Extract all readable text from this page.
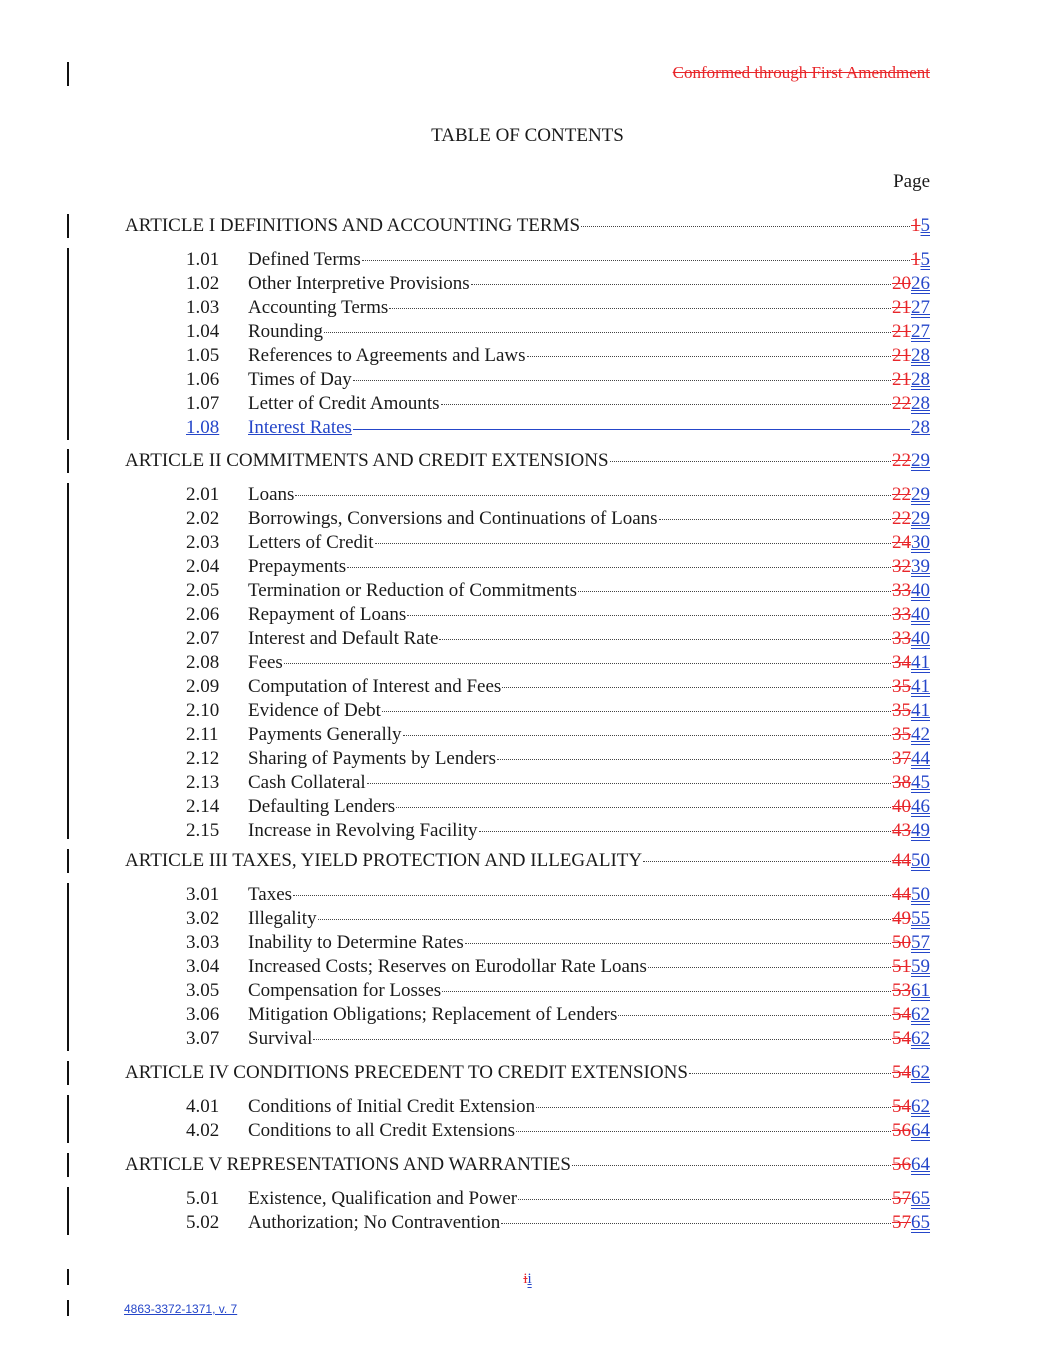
Conformed through First Amendment
TABLE OF CONTENTS
Page
ARTICLE I DEFINITIONS AND ACCOUNTING TERMS	15
1.01 Defined Terms	15
1.02 Other Interpretive Provisions	2026
1.03 Accounting Terms	2127
1.04 Rounding	2127
1.05 References to Agreements and Laws	2128
1.06 Times of Day	2128
1.07 Letter of Credit Amounts	2228
1.08 Interest Rates	28
ARTICLE II COMMITMENTS AND CREDIT EXTENSIONS	2229
2.01 Loans	2229
2.02 Borrowings, Conversions and Continuations of Loans	2229
2.03 Letters of Credit	2430
2.04 Prepayments	3239
2.05 Termination or Reduction of Commitments	3340
2.06 Repayment of Loans	3340
2.07 Interest and Default Rate	3340
2.08 Fees	3441
2.09 Computation of Interest and Fees	3541
2.10 Evidence of Debt	3541
2.11 Payments Generally	3542
2.12 Sharing of Payments by Lenders	3744
2.13 Cash Collateral	3845
2.14 Defaulting Lenders	4046
2.15 Increase in Revolving Facility	4349
ARTICLE III TAXES, YIELD PROTECTION AND ILLEGALITY	4450
3.01 Taxes	4450
3.02 Illegality	4955
3.03 Inability to Determine Rates	5057
3.04 Increased Costs; Reserves on Eurodollar Rate Loans	5159
3.05 Compensation for Losses	5361
3.06 Mitigation Obligations; Replacement of Lenders	5462
3.07 Survival	5462
ARTICLE IV CONDITIONS PRECEDENT TO CREDIT EXTENSIONS	5462
4.01 Conditions of Initial Credit Extension	5462
4.02 Conditions to all Credit Extensions	5664
ARTICLE V REPRESENTATIONS AND WARRANTIES	5664
5.01 Existence, Qualification and Power	5765
5.02 Authorization; No Contravention	5765
ii
4863-3372-1371, v. 7
